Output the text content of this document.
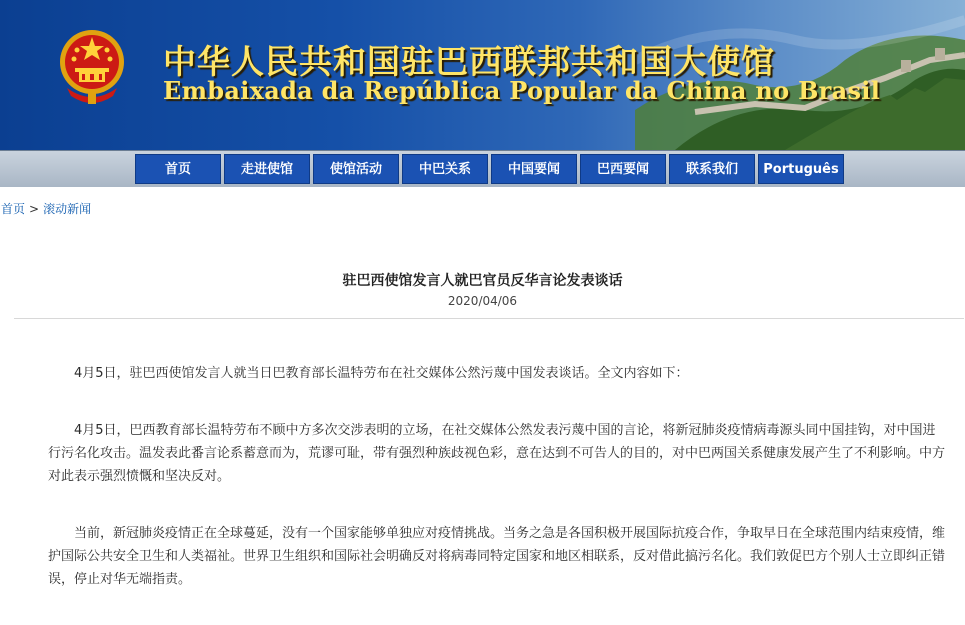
中华人民共和国驻巴西联邦共和国大使馆
Embaixada da República Popular da China no Brasil
首页	走进使馆	使馆活动	中巴关系	中国要闻	巴西要闻	联系我们	Português
首页 > 滚动新闻
驻巴西使馆发言人就巴官员反华言论发表谈话
2020/04/06

4月5日，驻巴西使馆发言人就当日巴教育部长温特劳布在社交媒体公然污蔑中国发表谈话。全文内容如下：

4月5日，巴西教育部长温特劳布不顾中方多次交涉表明的立场，在社交媒体公然发表污蔑中国的言论，将新冠肺炎疫情病毒源头同中国挂钩，对中国进行污名化攻击。温发表此番言论系蓄意而为，荒谬可耻，带有强烈种族歧视色彩，意在达到不可告人的目的，对中巴两国关系健康发展产生了不利影响。中方对此表示强烈愤慨和坚决反对。

当前，新冠肺炎疫情正在全球蔓延，没有一个国家能够单独应对疫情挑战。当务之急是各国积极开展国际抗疫合作，争取早日在全球范围内结束疫情，维护国际公共安全卫生和人类福祉。世界卫生组织和国际社会明确反对将病毒同特定国家和地区相联系，反对借此搞污名化。我们敦促巴方个别人士立即纠正错误，停止对华无端指责。
